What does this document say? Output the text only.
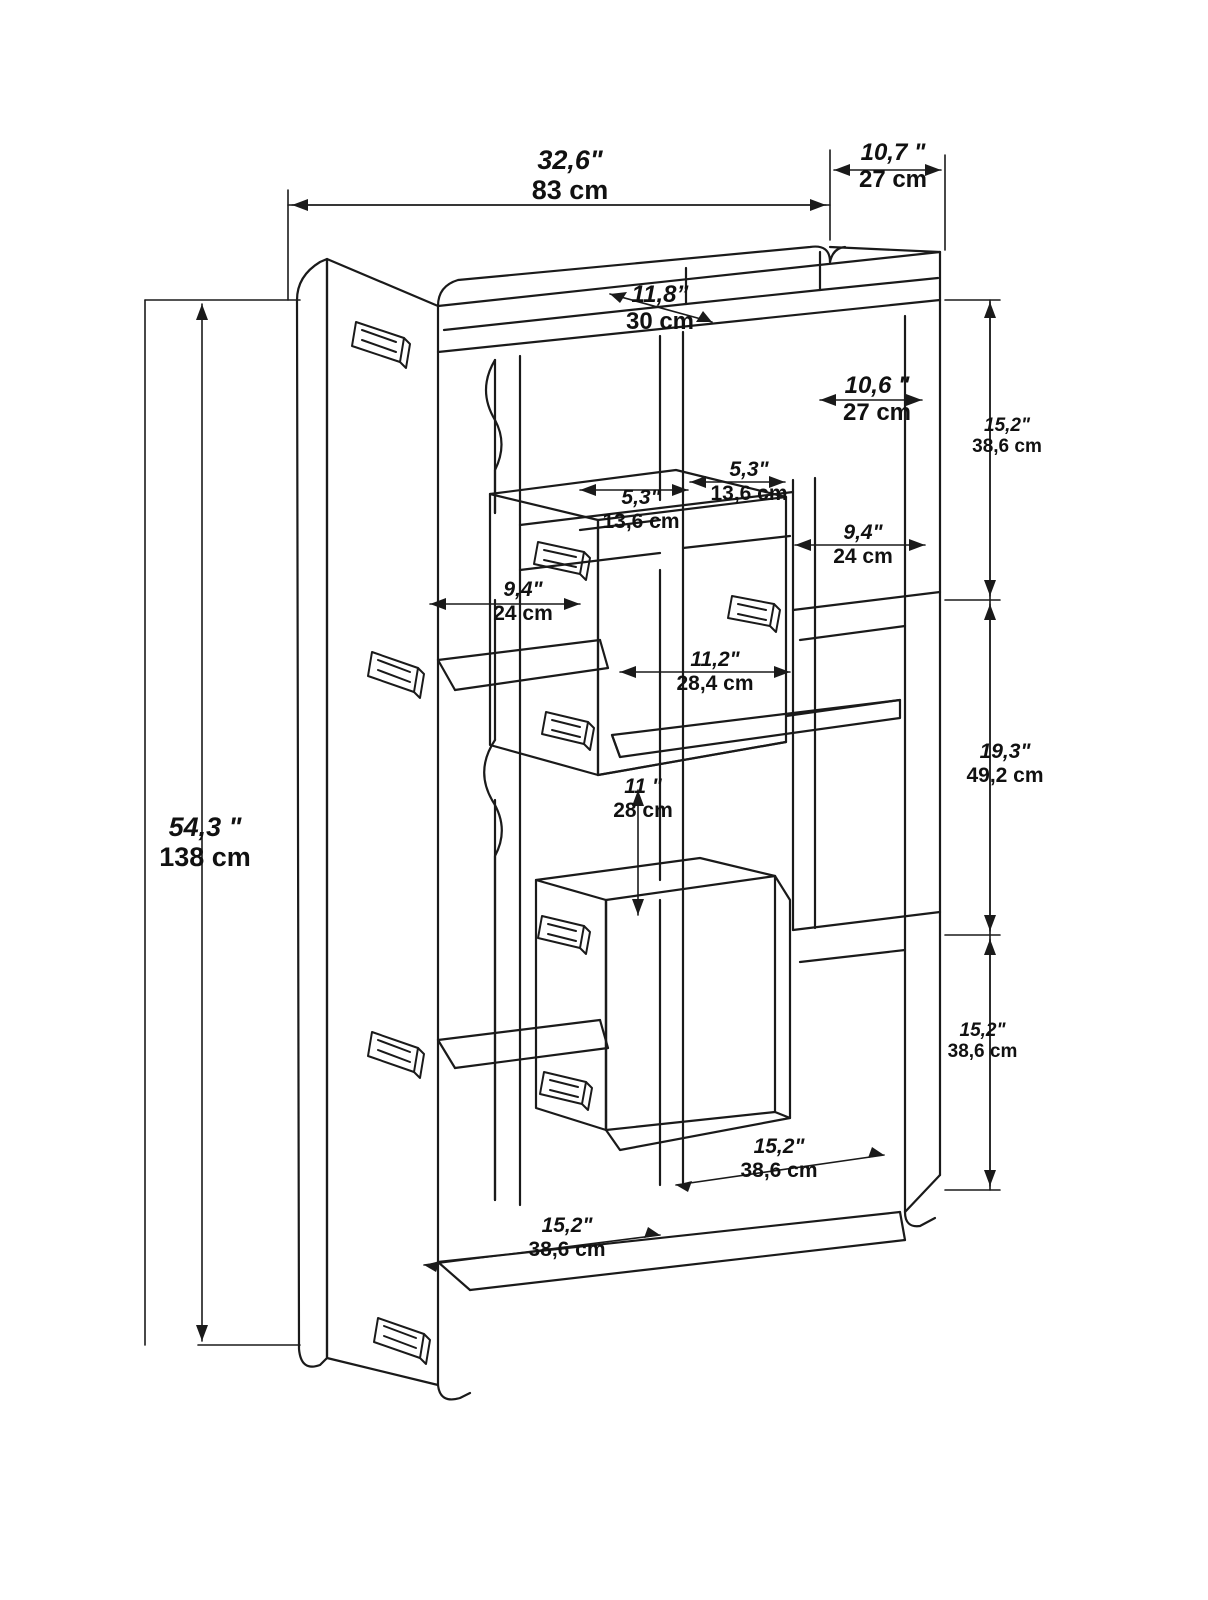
32,6"
83 cm
10,7 "
27 cm
11,8”
30 cm
10,6 "
27 cm	15,2"
38,6 cm
19,3"
49,2 cm
15,2"
38,6 cm
54,3 "
138 cm
5,3"
13,6 cm
5,3"
13,6 cm
9,4"
24 cm
9,4"
24 cm
11,2"
28,4 cm
11 "
28 cm
15,2"
38,6 cm
15,2"
38,6 cm
